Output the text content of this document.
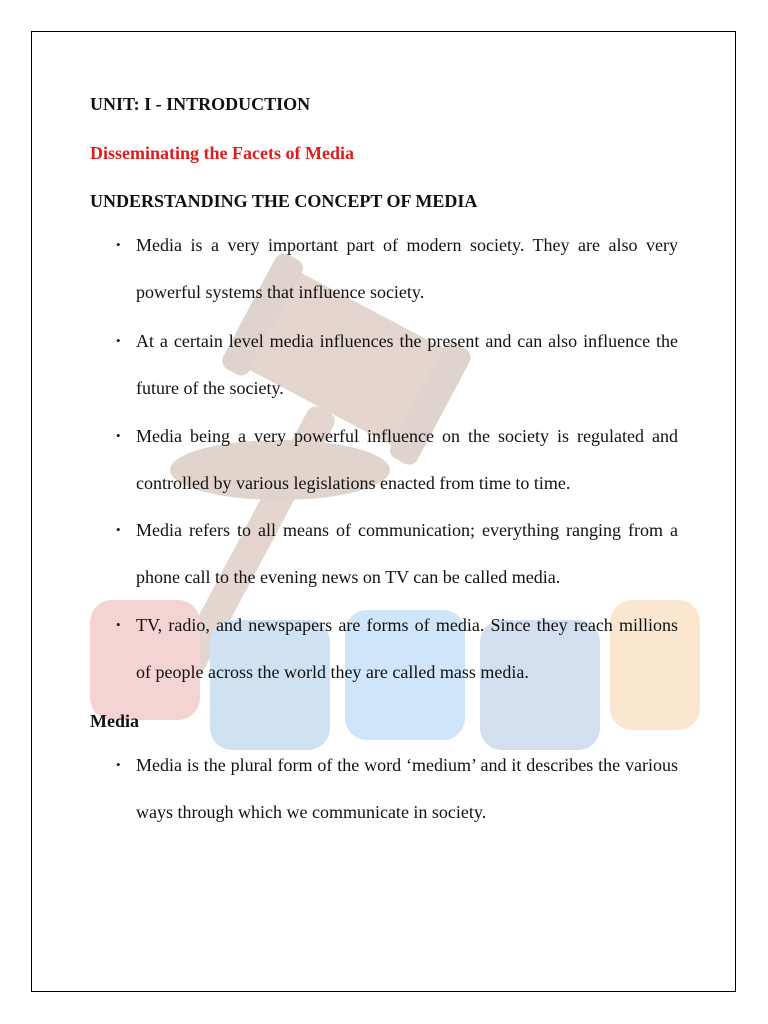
UNIT: I - INTRODUCTION
Disseminating the Facets of Media
UNDERSTANDING THE CONCEPT OF MEDIA
• Media is a very important part of modern society. They are also very powerful systems that influence society.
• At a certain level media influences the present and can also influence the future of the society.
• Media being a very powerful influence on the society is regulated and controlled by various legislations enacted from time to time.
• Media refers to all means of communication; everything ranging from a phone call to the evening news on TV can be called media.
• TV, radio, and newspapers are forms of media. Since they reach millions of people across the world they are called mass media.
Media
• Media is the plural form of the word ‘medium’ and it describes the various ways through which we communicate in society.
